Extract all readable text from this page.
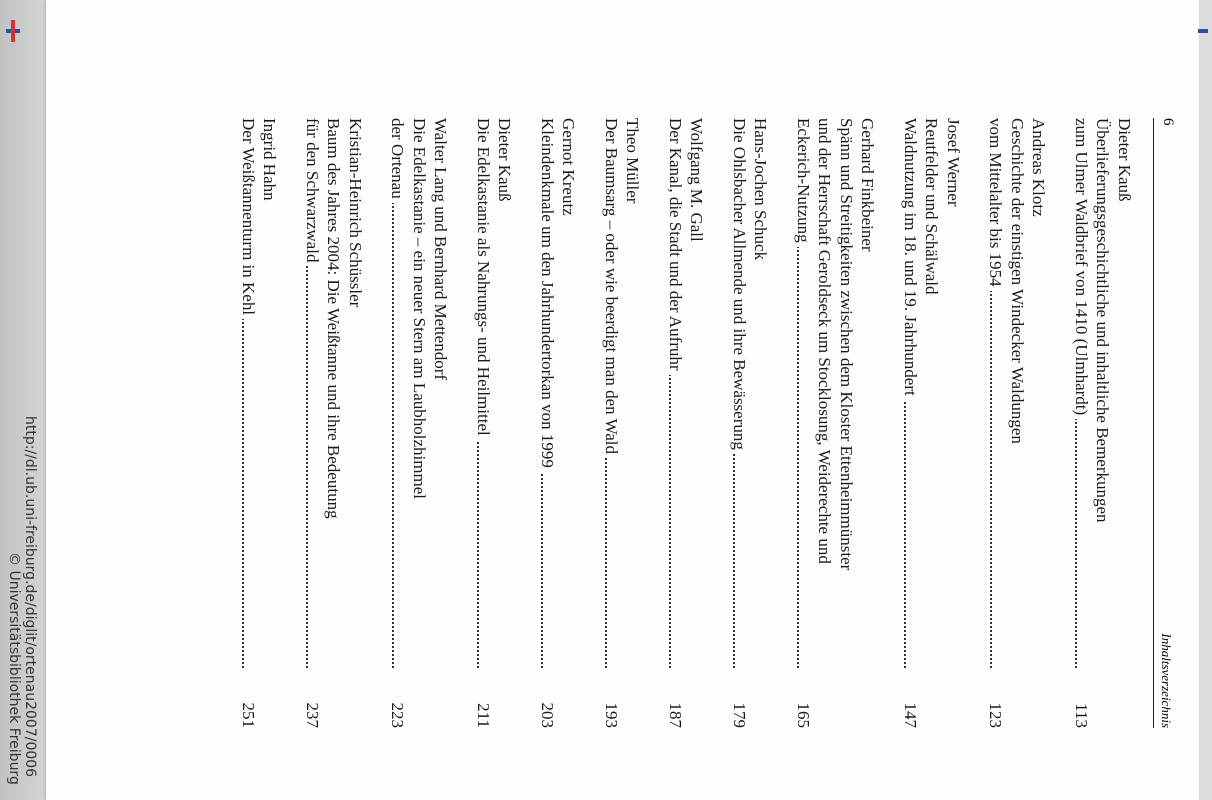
http://dl.ub.uni-freiburg.de/diglit/ortenau2007/0006
© Universitätsbibliothek Freiburg
6
Inhaltsverzeichnis
Dieter Kauß
Überlieferungsgeschichtliche und inhaltliche Bemerkungen
zum Ulmer Waldbrief von 1410 (Ulmhardt)
113
Andreas Klotz
Geschichte der einstigen Windecker Waldungen
vom Mittelalter bis 1954
123
Josef Werner
Reutfelder und Schälwald
Waldnutzung im 18. und 19. Jahrhundert
147
Gerhard Finkbeiner
Spänn und Streitigkeiten zwischen dem Kloster Ettenheimmünster
und der Herrschaft Geroldseck um Stocklosung, Weiderechte und
Eckerich-Nutzung
165
Hans-Jochen Schuck
Die Ohlsbacher Allmende und ihre Bewässerung
179
Wolfgang M. Gall
Der Kanal, die Stadt und der Aufruhr
187
Theo Müller
Der Baumsarg – oder wie beerdigt man den Wald
193
Gernot Kreutz
Kleindenkmale um den Jahrhundertorkan von 1999
203
Dieter Kauß
Die Edelkastanie als Nahrungs- und Heilmittel
211
Walter Lang und Bernhard Mettendorf
Die Edelkastanie – ein neuer Stern am Laubholzhimmel
der Ortenau
223
Kristian-Heinrich Schüssler
Baum des Jahres 2004: Die Weißtanne und ihre Bedeutung
für den Schwarzwald
237
Ingrid Hahn
Der Weißtannenturm in Kehl
251
